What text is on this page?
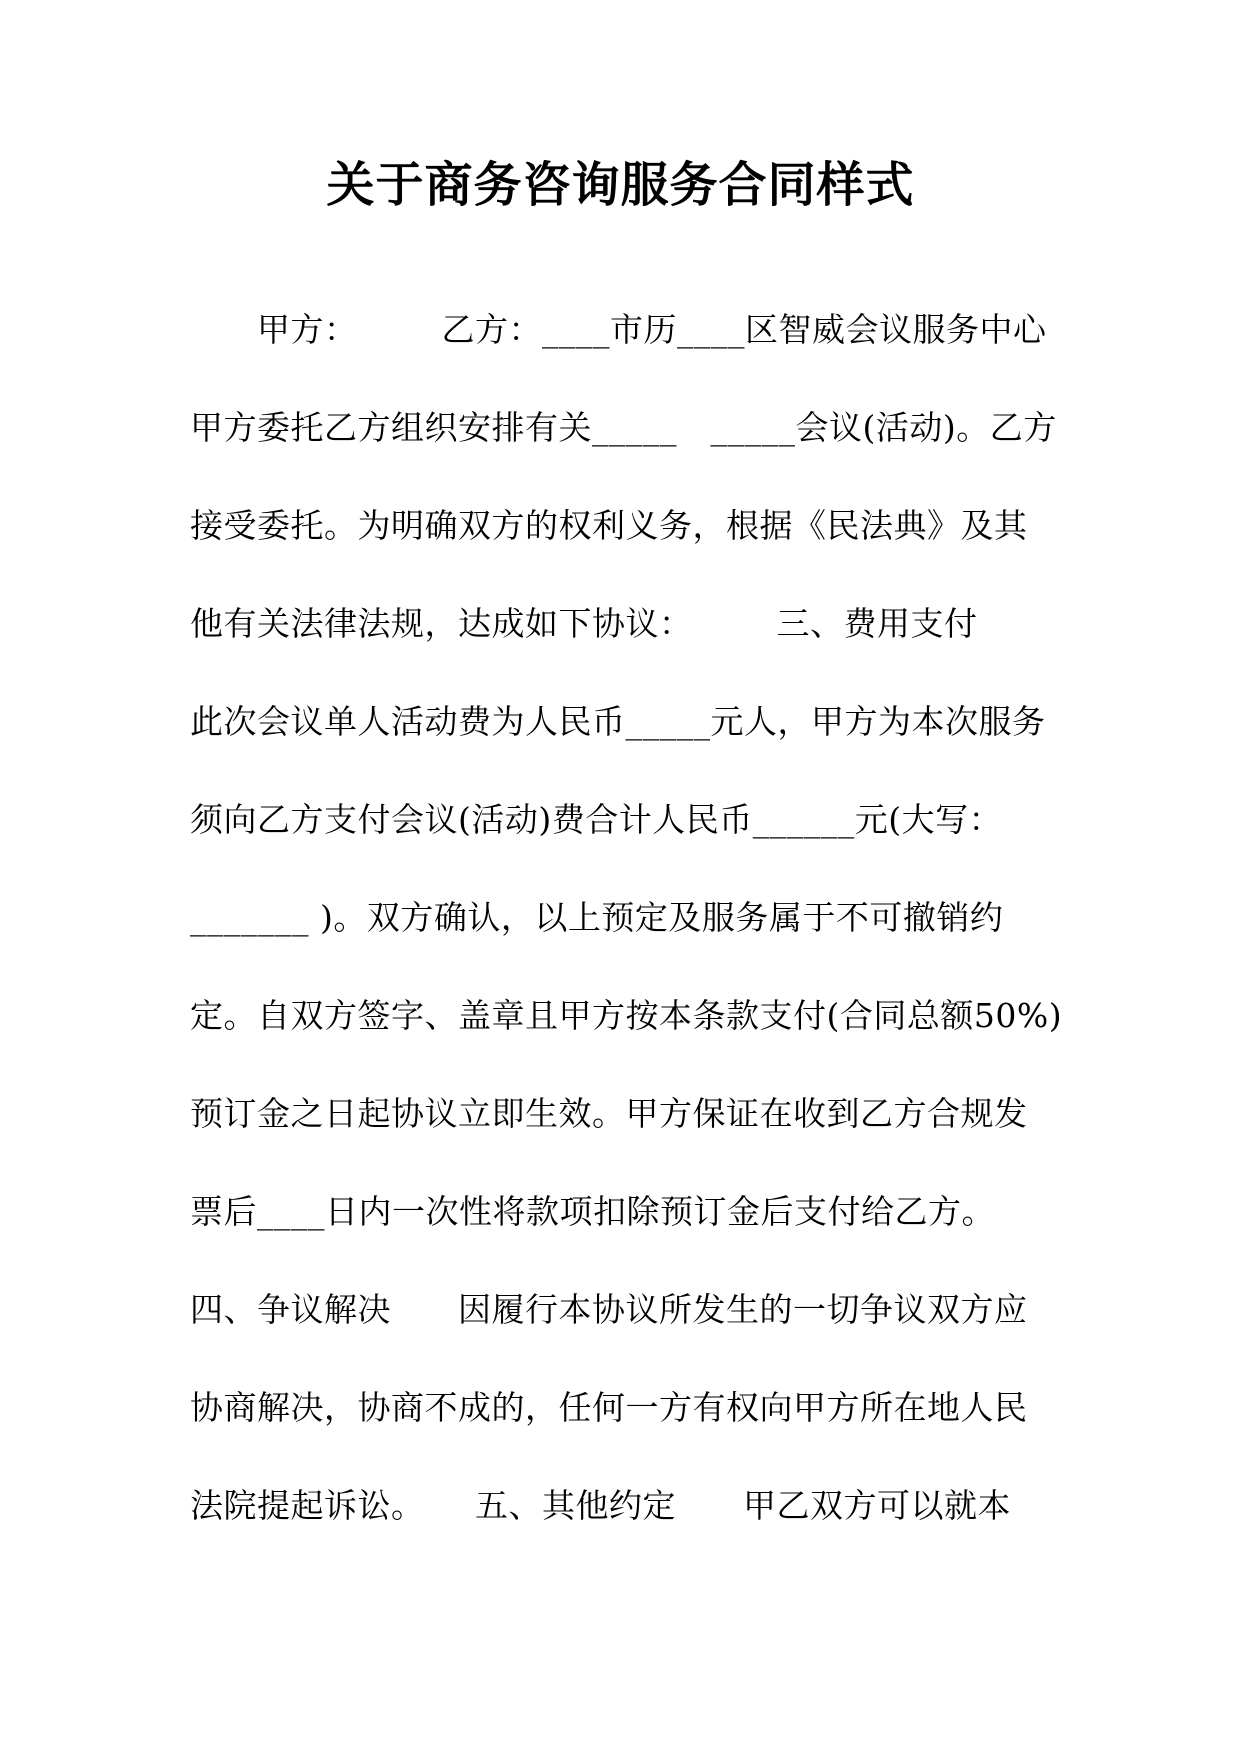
关于商务咨询服务合同样式
　　甲方：　　　乙方：____市历____区智威会议服务中心
甲方委托乙方组织安排有关_____　_____会议(活动)。乙方
接受委托。为明确双方的权利义务，根据《民法典》及其
他有关法律法规，达成如下协议：　　　三、费用支付
此次会议单人活动费为人民币_____元人，甲方为本次服务
须向乙方支付会议(活动)费合计人民币______元(大写：
_______ )。双方确认，以上预定及服务属于不可撤销约
定。自双方签字、盖章且甲方按本条款支付(合同总额50%)
预订金之日起协议立即生效。甲方保证在收到乙方合规发
票后____日内一次性将款项扣除预订金后支付给乙方。
四、争议解决　　因履行本协议所发生的一切争议双方应
协商解决，协商不成的，任何一方有权向甲方所在地人民
法院提起诉讼。　　五、其他约定　　甲乙双方可以就本
